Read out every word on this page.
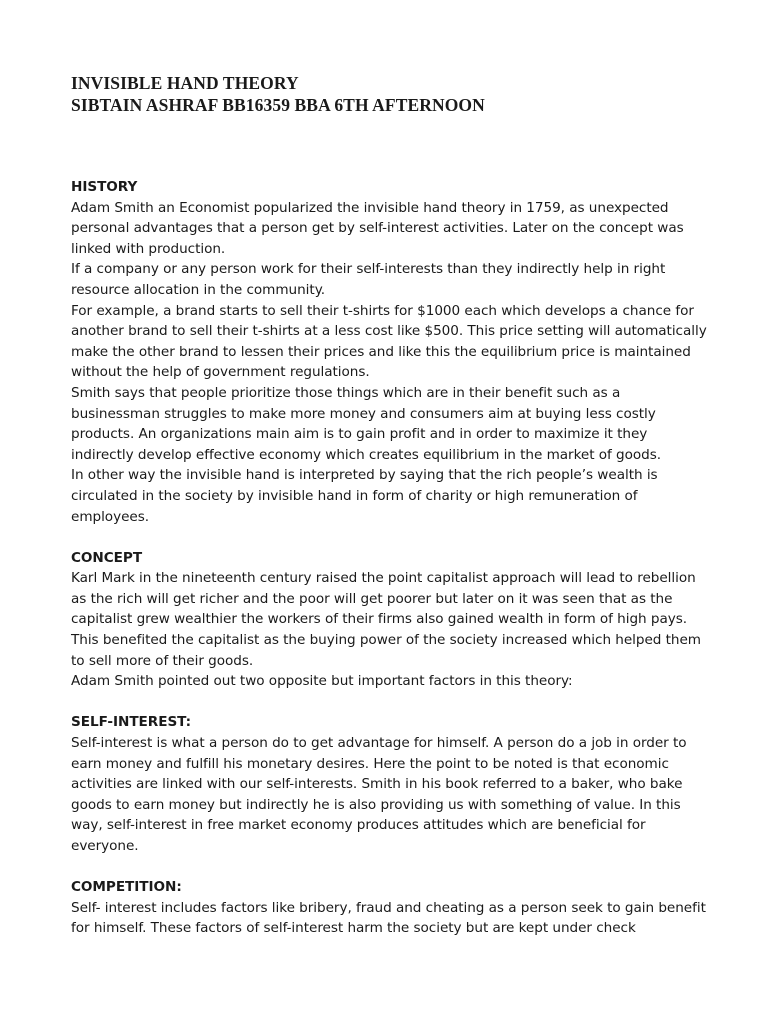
INVISIBLE HAND THEORY
SIBTAIN ASHRAF BB16359 BBA 6TH AFTERNOON

HISTORY

Adam Smith an Economist popularized the invisible hand theory in 1759, as unexpected personal advantages that a person get by self-interest activities. Later on the concept was linked with production.

If a company or any person work for their self-interests than they indirectly help in right resource allocation in the community.

For example, a brand starts to sell their t-shirts for $1000 each which develops a chance for another brand to sell their t-shirts at a less cost like $500. This price setting will automatically make the other brand to lessen their prices and like this the equilibrium price is maintained without the help of government regulations.

Smith says that people prioritize those things which are in their benefit such as a businessman struggles to make more money and consumers aim at buying less costly products. An organizations main aim is to gain profit and in order to maximize it they indirectly develop effective economy which creates equilibrium in the market of goods.

In other way the invisible hand is interpreted by saying that the rich people’s wealth is circulated in the society by invisible hand in form of charity or high remuneration of employees.

CONCEPT

Karl Mark in the nineteenth century raised the point capitalist approach will lead to rebellion as the rich will get richer and the poor will get poorer but later on it was seen that as the capitalist grew wealthier the workers of their firms also gained wealth in form of high pays. This benefited the capitalist as the buying power of the society increased which helped them to sell more of their goods.

Adam Smith pointed out two opposite but important factors in this theory:

SELF-INTEREST:

Self-interest is what a person do to get advantage for himself. A person do a job in order to earn money and fulfill his monetary desires. Here the point to be noted is that economic activities are linked with our self-interests. Smith in his book referred to a baker, who bake goods to earn money but indirectly he is also providing us with something of value. In this way, self-interest in free market economy produces attitudes which are beneficial for everyone.

COMPETITION:

Self- interest includes factors like bribery, fraud and cheating as a person seek to gain benefit for himself. These factors of self-interest harm the society but are kept under check
